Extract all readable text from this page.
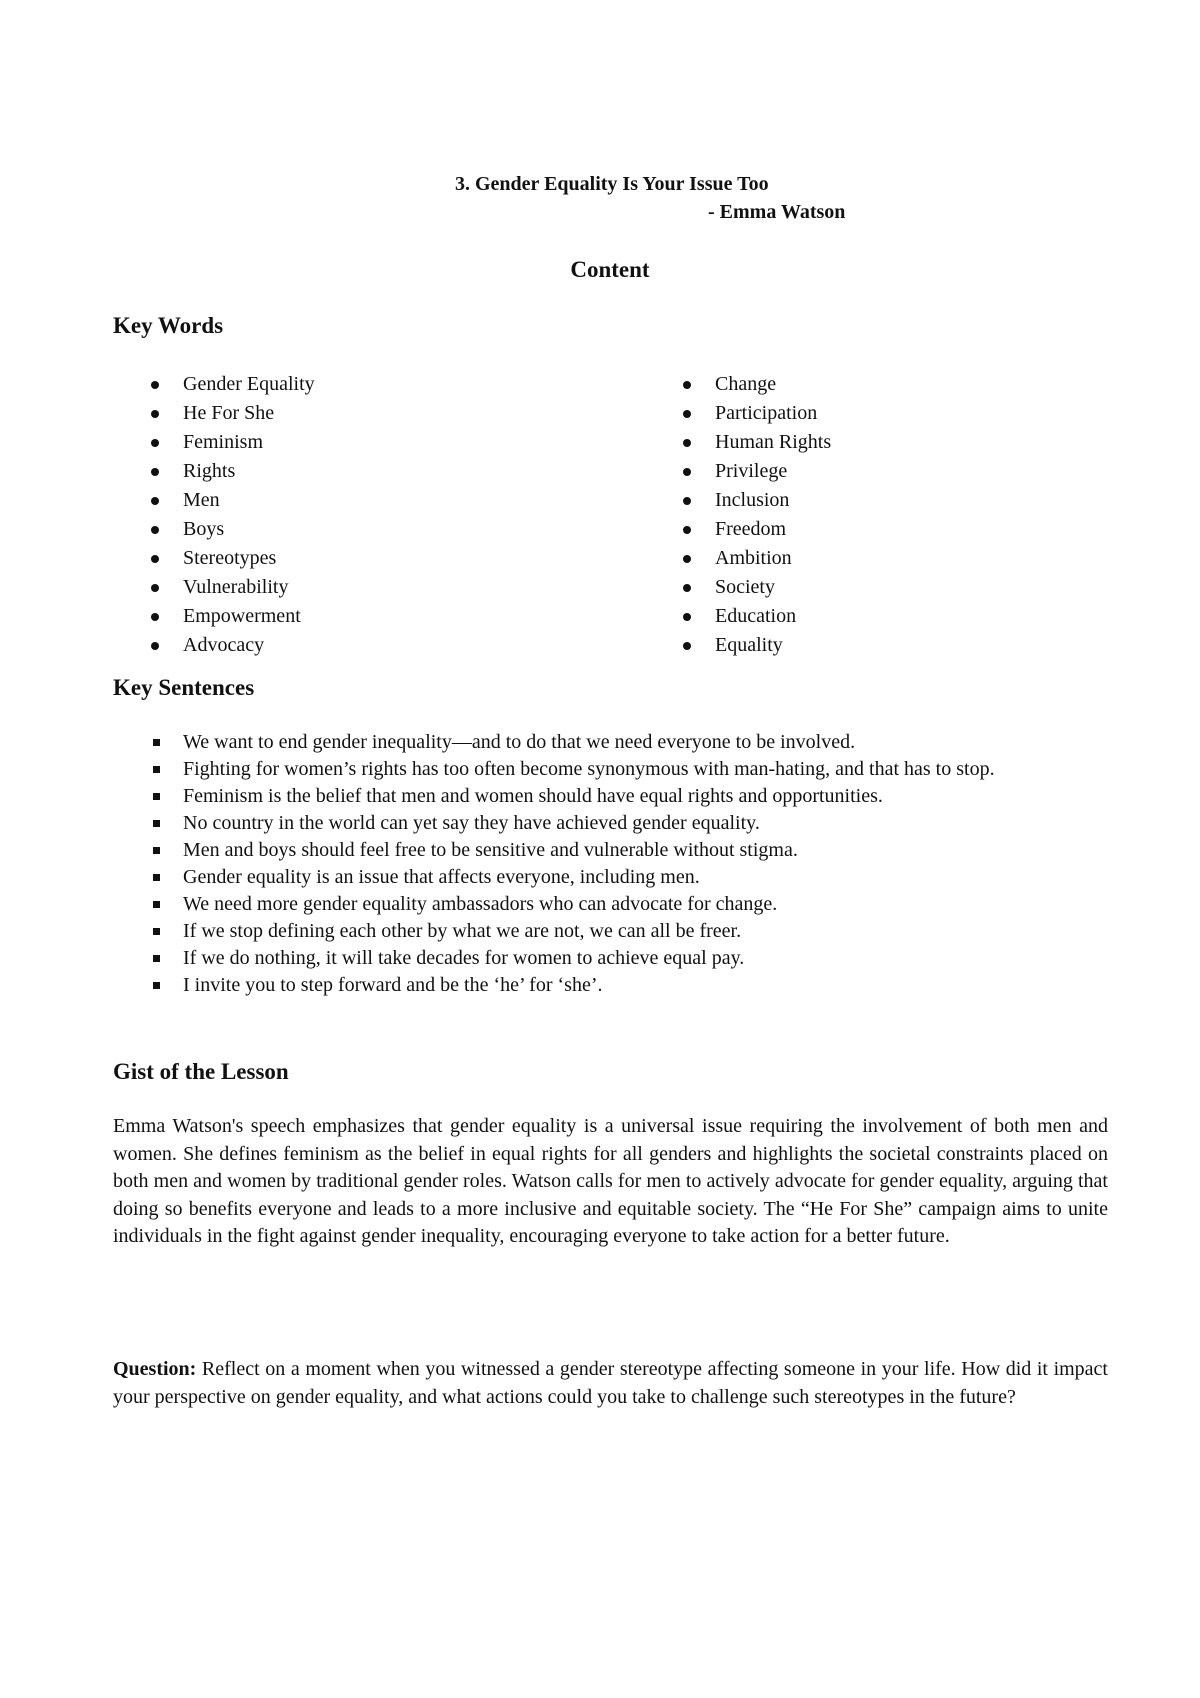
3. Gender Equality Is Your Issue Too
- Emma Watson
Content
Key Words
Gender Equality
He For She
Feminism
Rights
Men
Boys
Stereotypes
Vulnerability
Empowerment
Advocacy
Change
Participation
Human Rights
Privilege
Inclusion
Freedom
Ambition
Society
Education
Equality
Key Sentences
We want to end gender inequality—and to do that we need everyone to be involved.
Fighting for women’s rights has too often become synonymous with man-hating, and that has to stop.
Feminism is the belief that men and women should have equal rights and opportunities.
No country in the world can yet say they have achieved gender equality.
Men and boys should feel free to be sensitive and vulnerable without stigma.
Gender equality is an issue that affects everyone, including men.
We need more gender equality ambassadors who can advocate for change.
If we stop defining each other by what we are not, we can all be freer.
If we do nothing, it will take decades for women to achieve equal pay.
I invite you to step forward and be the ‘he’ for ‘she’.
Gist of the Lesson

Emma Watson's speech emphasizes that gender equality is a universal issue requiring the involvement of both men and women. She defines feminism as the belief in equal rights for all genders and highlights the societal constraints placed on both men and women by traditional gender roles. Watson calls for men to actively advocate for gender equality, arguing that doing so benefits everyone and leads to a more inclusive and equitable society. The “He For She” campaign aims to unite individuals in the fight against gender inequality, encouraging everyone to take action for a better future.

Question: Reflect on a moment when you witnessed a gender stereotype affecting someone in your life. How did it impact your perspective on gender equality, and what actions could you take to challenge such stereotypes in the future?
